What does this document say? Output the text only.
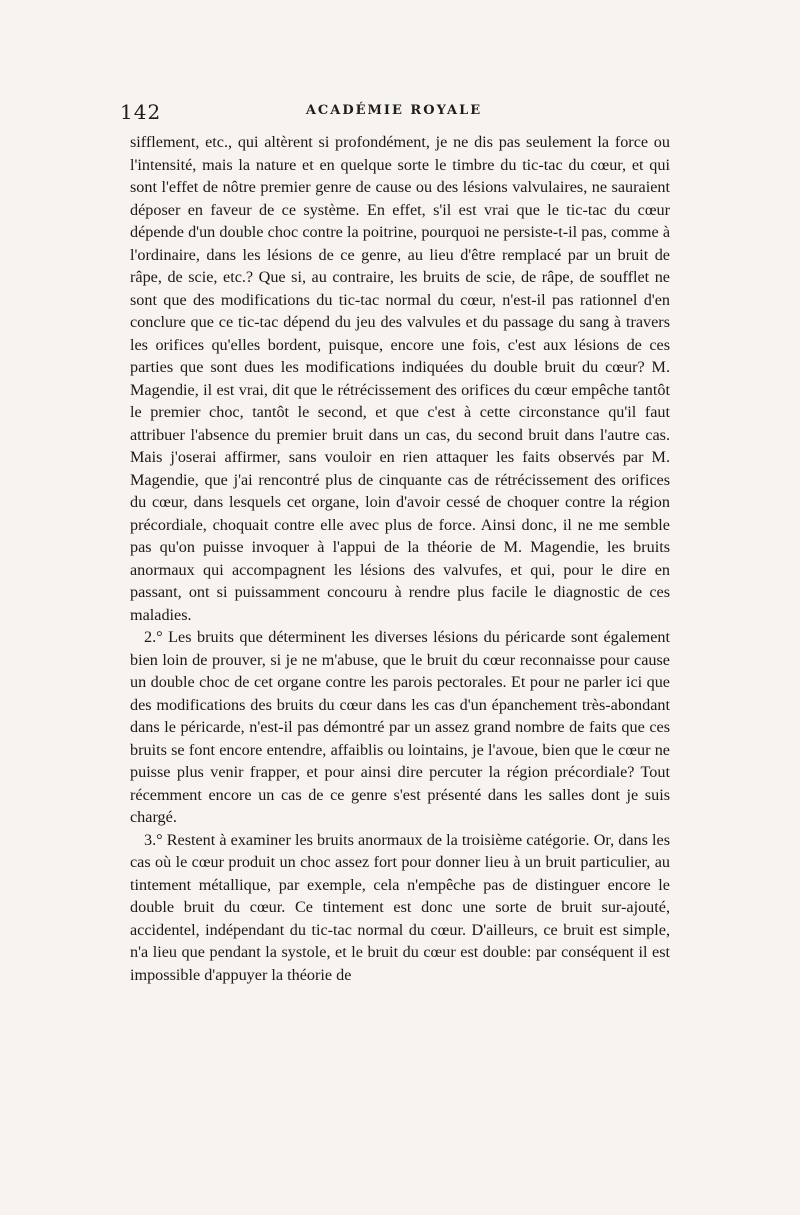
142	ACADÉMIE ROYALE

sifflement, etc., qui altèrent si profondément, je ne dis pas seulement la force ou l'intensité, mais la nature et en quelque sorte le timbre du tic-tac du cœur, et qui sont l'effet de nôtre premier genre de cause ou des lésions valvulaires, ne sauraient déposer en faveur de ce système. En effet, s'il est vrai que le tic-tac du cœur dépende d'un double choc contre la poitrine, pourquoi ne persiste-t-il pas, comme à l'ordinaire, dans les lésions de ce genre, au lieu d'être remplacé par un bruit de râpe, de scie, etc.? Que si, au contraire, les bruits de scie, de râpe, de soufflet ne sont que des modifications du tic-tac normal du cœur, n'est-il pas rationnel d'en conclure que ce tic-tac dépend du jeu des valvules et du passage du sang à travers les orifices qu'elles bordent, puisque, encore une fois, c'est aux lésions de ces parties que sont dues les modifications indiquées du double bruit du cœur? M. Magendie, il est vrai, dit que le rétrécissement des orifices du cœur empêche tantôt le premier choc, tantôt le second, et que c'est à cette circonstance qu'il faut attribuer l'absence du premier bruit dans un cas, du second bruit dans l'autre cas. Mais j'oserai affirmer, sans vouloir en rien attaquer les faits observés par M. Magendie, que j'ai rencontré plus de cinquante cas de rétrécissement des orifices du cœur, dans lesquels cet organe, loin d'avoir cessé de choquer contre la région précordiale, choquait contre elle avec plus de force. Ainsi donc, il ne me semble pas qu'on puisse invoquer à l'appui de la théorie de M. Magendie, les bruits anormaux qui accompagnent les lésions des valvufes, et qui, pour le dire en passant, ont si puissamment concouru à rendre plus facile le diagnostic de ces maladies.

2.° Les bruits que déterminent les diverses lésions du péricarde sont également bien loin de prouver, si je ne m'abuse, que le bruit du cœur reconnaisse pour cause un double choc de cet organe contre les parois pectorales. Et pour ne parler ici que des modifications des bruits du cœur dans les cas d'un épanchement très-abondant dans le péricarde, n'est-il pas démontré par un assez grand nombre de faits que ces bruits se font encore entendre, affaiblis ou lointains, je l'avoue, bien que le cœur ne puisse plus venir frapper, et pour ainsi dire percuter la région précordiale? Tout récemment encore un cas de ce genre s'est présenté dans les salles dont je suis chargé.

3.° Restent à examiner les bruits anormaux de la troisième catégorie. Or, dans les cas où le cœur produit un choc assez fort pour donner lieu à un bruit particulier, au tintement métallique, par exemple, cela n'empêche pas de distinguer encore le double bruit du cœur. Ce tintement est donc une sorte de bruit sur-ajouté, accidentel, indépendant du tic-tac normal du cœur. D'ailleurs, ce bruit est simple, n'a lieu que pendant la systole, et le bruit du cœur est double: par conséquent il est impossible d'appuyer la théorie de
